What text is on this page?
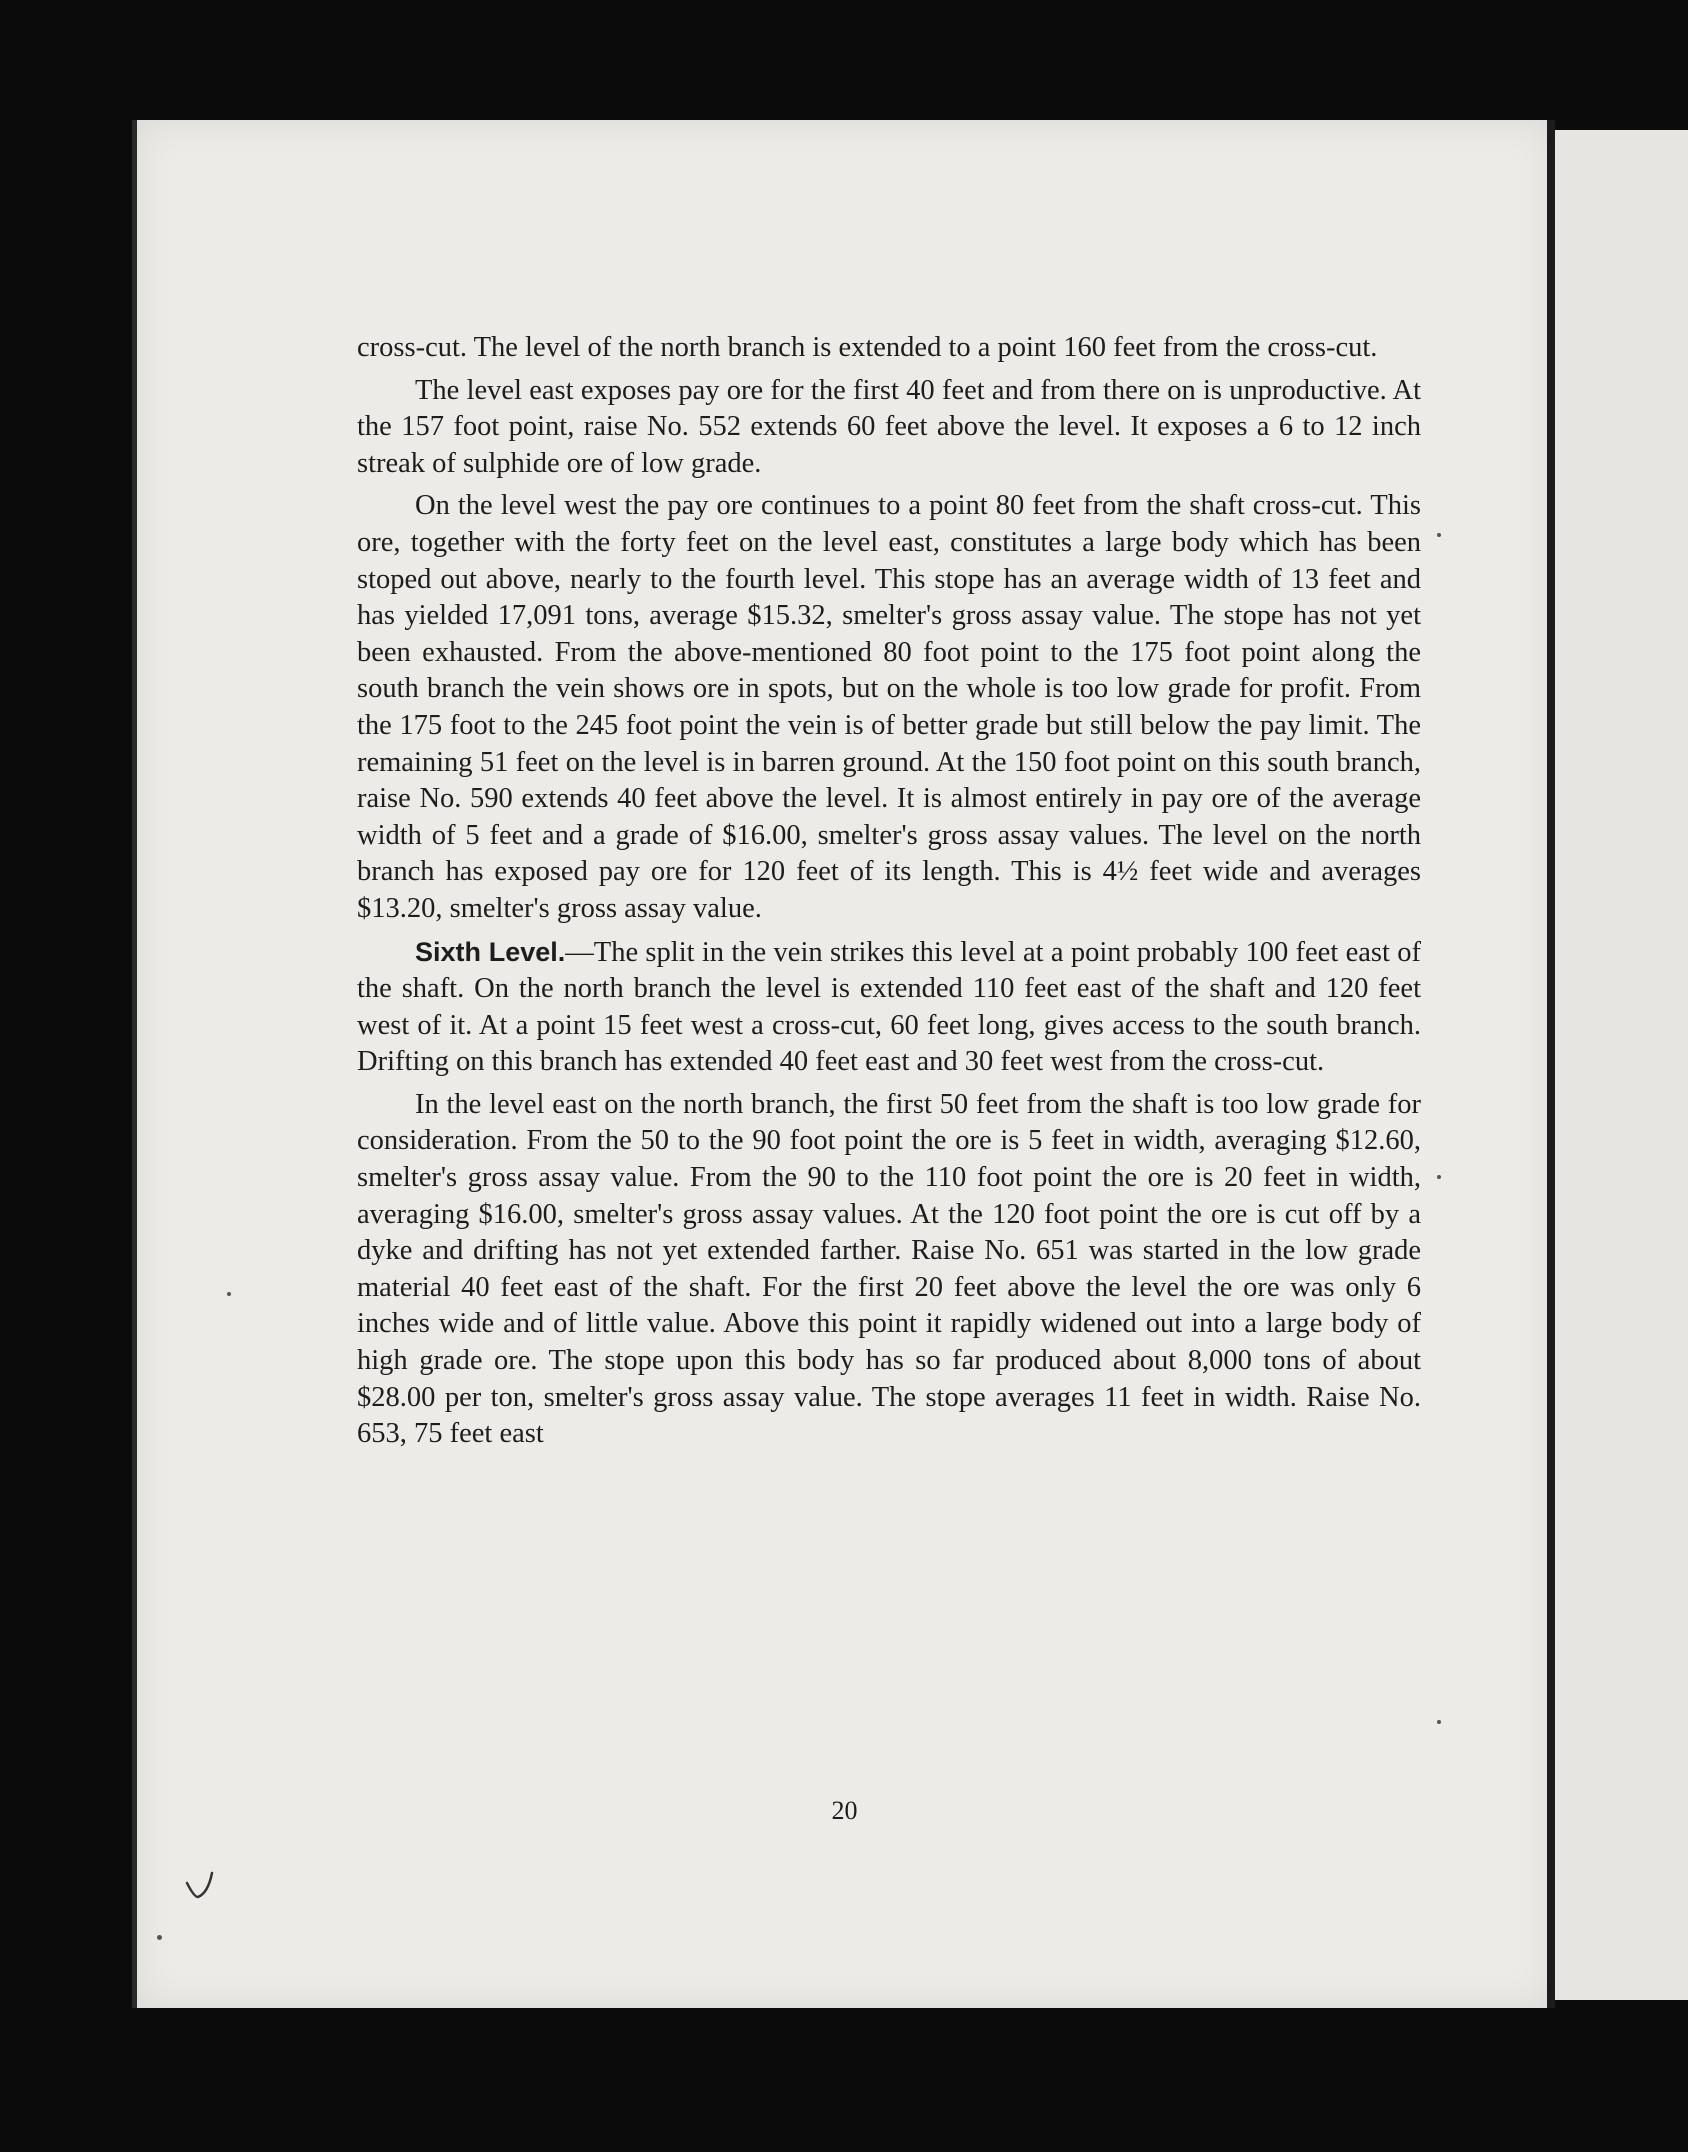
cross-cut. The level of the north branch is extended to a point 160 feet from the cross-cut.

The level east exposes pay ore for the first 40 feet and from there on is unproductive. At the 157 foot point, raise No. 552 extends 60 feet above the level. It exposes a 6 to 12 inch streak of sulphide ore of low grade.

On the level west the pay ore continues to a point 80 feet from the shaft cross-cut. This ore, together with the forty feet on the level east, constitutes a large body which has been stoped out above, nearly to the fourth level. This stope has an average width of 13 feet and has yielded 17,091 tons, average $15.32, smelter's gross assay value. The stope has not yet been exhausted. From the above-mentioned 80 foot point to the 175 foot point along the south branch the vein shows ore in spots, but on the whole is too low grade for profit. From the 175 foot to the 245 foot point the vein is of better grade but still below the pay limit. The remaining 51 feet on the level is in barren ground. At the 150 foot point on this south branch, raise No. 590 extends 40 feet above the level. It is almost entirely in pay ore of the average width of 5 feet and a grade of $16.00, smelter's gross assay values. The level on the north branch has exposed pay ore for 120 feet of its length. This is 4½ feet wide and averages $13.20, smelter's gross assay value.

Sixth Level.—The split in the vein strikes this level at a point probably 100 feet east of the shaft. On the north branch the level is extended 110 feet east of the shaft and 120 feet west of it. At a point 15 feet west a cross-cut, 60 feet long, gives access to the south branch. Drifting on this branch has extended 40 feet east and 30 feet west from the cross-cut.

In the level east on the north branch, the first 50 feet from the shaft is too low grade for consideration. From the 50 to the 90 foot point the ore is 5 feet in width, averaging $12.60, smelter's gross assay value. From the 90 to the 110 foot point the ore is 20 feet in width, averaging $16.00, smelter's gross assay values. At the 120 foot point the ore is cut off by a dyke and drifting has not yet extended farther. Raise No. 651 was started in the low grade material 40 feet east of the shaft. For the first 20 feet above the level the ore was only 6 inches wide and of little value. Above this point it rapidly widened out into a large body of high grade ore. The stope upon this body has so far produced about 8,000 tons of about $28.00 per ton, smelter's gross assay value. The stope averages 11 feet in width. Raise No. 653, 75 feet east

20
